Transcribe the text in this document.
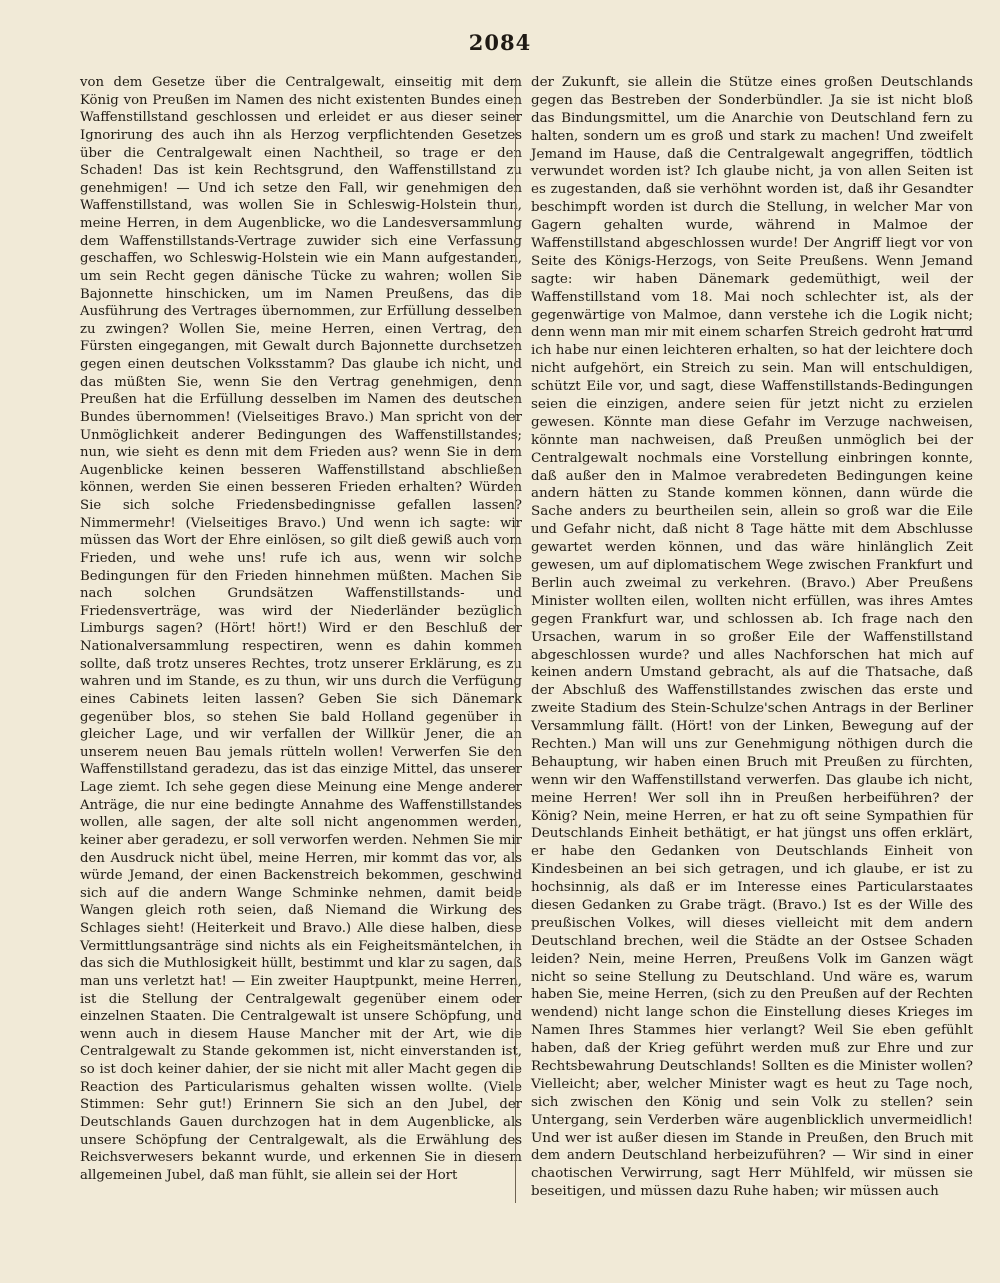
2084

von dem Gesetze über die Centralgewalt, einseitig mit dem König von Preußen im Namen des nicht existenten Bundes einen Waffenstillstand geschlossen und erleidet er aus dieser seiner Ignorirung des auch ihn als Herzog verpflichtenden Gesetzes über die Centralgewalt einen Nachtheil, so trage er den Schaden! Das ist kein Rechtsgrund, den Waffenstillstand zu genehmigen! — Und ich setze den Fall, wir genehmigen den Waffenstillstand, was wollen Sie in Schleswig-Holstein thun, meine Herren, in dem Augenblicke, wo die Landesversammlung dem Waffenstillstands-Vertrage zuwider sich eine Verfassung geschaffen, wo Schleswig-Holstein wie ein Mann aufgestanden, um sein Recht gegen dänische Tücke zu wahren; wollen Sie Bajonnette hinschicken, um im Namen Preußens, das die Ausführung des Vertrages übernommen, zur Erfüllung desselben zu zwingen? Wollen Sie, meine Herren, einen Vertrag, den Fürsten eingegangen, mit Gewalt durch Bajonnette durchsetzen gegen einen deutschen Volksstamm? Das glaube ich nicht, und das müßten Sie, wenn Sie den Vertrag genehmigen, denn Preußen hat die Erfüllung desselben im Namen des deutschen Bundes übernommen! (Vielseitiges Bravo.) Man spricht von der Unmöglichkeit anderer Bedingungen des Waffenstillstandes; nun, wie sieht es denn mit dem Frieden aus? wenn Sie in dem Augenblicke keinen besseren Waffenstillstand abschließen können, werden Sie einen besseren Frieden erhalten? Würden Sie sich solche Friedensbedingnisse gefallen lassen? Nimmermehr! (Vielseitiges Bravo.) Und wenn ich sagte: wir müssen das Wort der Ehre einlösen, so gilt dieß gewiß auch vom Frieden, und wehe uns! rufe ich aus, wenn wir solche Bedingungen für den Frieden hinnehmen müßten. Machen Sie nach solchen Grundsätzen Waffenstillstands- und Friedensverträge, was wird der Niederländer bezüglich Limburgs sagen? (Hört! hört!) Wird er den Beschluß der Nationalversammlung respectiren, wenn es dahin kommen sollte, daß trotz unseres Rechtes, trotz unserer Erklärung, es zu wahren und im Stande, es zu thun, wir uns durch die Verfügung eines Cabinets leiten lassen? Geben Sie sich Dänemark gegenüber blos, so stehen Sie bald Holland gegenüber in gleicher Lage, und wir verfallen der Willkür Jener, die an unserem neuen Bau jemals rütteln wollen! Verwerfen Sie den Waffenstillstand geradezu, das ist das einzige Mittel, das unserer Lage ziemt. Ich sehe gegen diese Meinung eine Menge anderer Anträge, die nur eine bedingte Annahme des Waffenstillstandes wollen, alle sagen, der alte soll nicht angenommen werden, keiner aber geradezu, er soll verworfen werden. Nehmen Sie mir den Ausdruck nicht übel, meine Herren, mir kommt das vor, als würde Jemand, der einen Backenstreich bekommen, geschwind sich auf die andern Wange Schminke nehmen, damit beide Wangen gleich roth seien, daß Niemand die Wirkung des Schlages sieht! (Heiterkeit und Bravo.) Alle diese halben, diese Vermittlungsanträge sind nichts als ein Feigheitsmäntelchen, in das sich die Muthlosigkeit hüllt, bestimmt und klar zu sagen, daß man uns verletzt hat! — Ein zweiter Hauptpunkt, meine Herren, ist die Stellung der Centralgewalt gegenüber einem oder einzelnen Staaten. Die Centralgewalt ist unsere Schöpfung, und wenn auch in diesem Hause Mancher mit der Art, wie die Centralgewalt zu Stande gekommen ist, nicht einverstanden ist, so ist doch keiner dahier, der sie nicht mit aller Macht gegen die Reaction des Particularismus gehalten wissen wollte. (Viele Stimmen: Sehr gut!) Erinnern Sie sich an den Jubel, der Deutschlands Gauen durchzogen hat in dem Augenblicke, als unsere Schöpfung der Centralgewalt, als die Erwählung des Reichsverwesers bekannt wurde, und erkennen Sie in diesem allgemeinen Jubel, daß man fühlt, sie allein sei der Hort

der Zukunft, sie allein die Stütze eines großen Deutschlands gegen das Bestreben der Sonderbündler. Ja sie ist nicht bloß das Bindungsmittel, um die Anarchie von Deutschland fern zu halten, sondern um es groß und stark zu machen! Und zweifelt Jemand im Hause, daß die Centralgewalt angegriffen, tödtlich verwundet worden ist? Ich glaube nicht, ja von allen Seiten ist es zugestanden, daß sie verhöhnt worden ist, daß ihr Gesandter beschimpft worden ist durch die Stellung, in welcher Mar von Gagern gehalten wurde, während in Malmoe der Waffenstillstand abgeschlossen wurde! Der Angriff liegt vor von Seite des Königs-Herzogs, von Seite Preußens. Wenn Jemand sagte: wir haben Dänemark gedemüthigt, weil der Waffenstillstand vom 18. Mai noch schlechter ist, als der gegenwärtige von Malmoe, dann verstehe ich die Logik nicht; denn wenn man mir mit einem scharfen Streich gedroht hat und ich habe nur einen leichteren erhalten, so hat der leichtere doch nicht aufgehört, ein Streich zu sein. Man will entschuldigen, schützt Eile vor, und sagt, diese Waffenstillstands-Bedingungen seien die einzigen, andere seien für jetzt nicht zu erzielen gewesen. Könnte man diese Gefahr im Verzuge nachweisen, könnte man nachweisen, daß Preußen unmöglich bei der Centralgewalt nochmals eine Vorstellung einbringen konnte, daß außer den in Malmoe verabredeten Bedingungen keine andern hätten zu Stande kommen können, dann würde die Sache anders zu beurtheilen sein, allein so groß war die Eile und Gefahr nicht, daß nicht 8 Tage hätte mit dem Abschlusse gewartet werden können, und das wäre hinlänglich Zeit gewesen, um auf diplomatischem Wege zwischen Frankfurt und Berlin auch zweimal zu verkehren. (Bravo.) Aber Preußens Minister wollten eilen, wollten nicht erfüllen, was ihres Amtes gegen Frankfurt war, und schlossen ab. Ich frage nach den Ursachen, warum in so großer Eile der Waffenstillstand abgeschlossen wurde? und alles Nachforschen hat mich auf keinen andern Umstand gebracht, als auf die Thatsache, daß der Abschluß des Waffenstillstandes zwischen das erste und zweite Stadium des Stein-Schulze'schen Antrags in der Berliner Versammlung fällt. (Hört! von der Linken, Bewegung auf der Rechten.) Man will uns zur Genehmigung nöthigen durch die Behauptung, wir haben einen Bruch mit Preußen zu fürchten, wenn wir den Waffenstillstand verwerfen. Das glaube ich nicht, meine Herren! Wer soll ihn in Preußen herbeiführen? der König? Nein, meine Herren, er hat zu oft seine Sympathien für Deutschlands Einheit bethätigt, er hat jüngst uns offen erklärt, er habe den Gedanken von Deutschlands Einheit von Kindesbeinen an bei sich getragen, und ich glaube, er ist zu hochsinnig, als daß er im Interesse eines Particularstaates diesen Gedanken zu Grabe trägt. (Bravo.) Ist es der Wille des preußischen Volkes, will dieses vielleicht mit dem andern Deutschland brechen, weil die Städte an der Ostsee Schaden leiden? Nein, meine Herren, Preußens Volk im Ganzen wägt nicht so seine Stellung zu Deutschland. Und wäre es, warum haben Sie, meine Herren, (sich zu den Preußen auf der Rechten wendend) nicht lange schon die Einstellung dieses Krieges im Namen Ihres Stammes hier verlangt? Weil Sie eben gefühlt haben, daß der Krieg geführt werden muß zur Ehre und zur Rechtsbewahrung Deutschlands! Sollten es die Minister wollen? Vielleicht; aber, welcher Minister wagt es heut zu Tage noch, sich zwischen den König und sein Volk zu stellen? sein Untergang, sein Verderben wäre augenblicklich unvermeidlich! Und wer ist außer diesen im Stande in Preußen, den Bruch mit dem andern Deutschland herbeizuführen? — Wir sind in einer chaotischen Verwirrung, sagt Herr Mühlfeld, wir müssen sie beseitigen, und müssen dazu Ruhe haben; wir müssen auch
